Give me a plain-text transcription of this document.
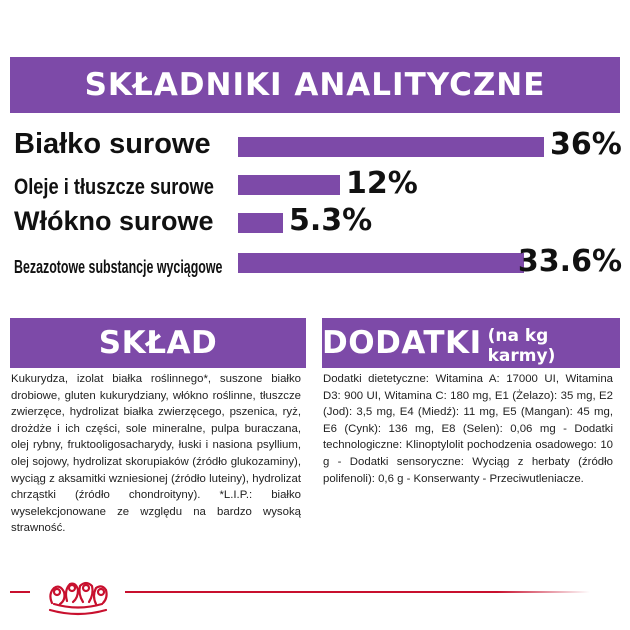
SKŁADNIKI ANALITYCZNE
Białko surowe	36%
Oleje i tłuszcze surowe	12%
Włókno surowe	5.3%
Bezazotowe substancje wyciągowe	33.6%
SKŁAD
Kukurydza, izolat białka roślinnego*, suszone białko drobiowe, gluten kukurydziany, włókno roślinne, tłuszcze zwierzęce, hydrolizat białka zwierzęcego, pszenica, ryż, drożdże i ich części, sole mineralne, pulpa buraczana, olej rybny, fruktooligosacharydy, łuski i nasiona psyllium, olej sojowy, hydrolizat skorupiaków (źródło glukozaminy), wyciąg z aksamitki wzniesionej (źródło luteiny), hydrolizat chrząstki (źródło chondroityny). *L.I.P.: białko wyselekcjonowane ze względu na bardzo wysoką strawność.
DODATKI (na kg karmy)
Dodatki dietetyczne: Witamina A: 17000 UI, Witamina D3: 900 UI, Witamina C: 180 mg, E1 (Żelazo): 35 mg, E2 (Jod): 3,5 mg, E4 (Miedź): 11 mg, E5 (Mangan): 45 mg, E6 (Cynk): 136 mg, E8 (Selen): 0,06 mg - Dodatki technologiczne: Klinoptylolit pochodzenia osadowego: 10 g - Dodatki sensoryczne: Wyciąg z herbaty (źródło polifenoli): 0,6 g - Konserwanty - Przeciwutleniacze.
